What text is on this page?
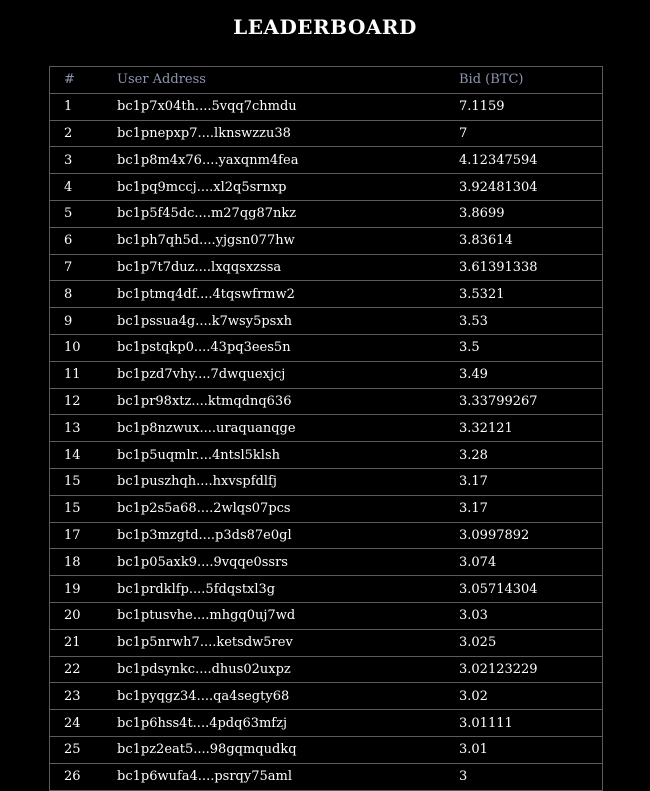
LEADERBOARD
#	User Address	Bid (BTC)
1	bc1p7x04th....5vqq7chmdu	7.1159
2	bc1pnepxp7....lknswzzu38	7
3	bc1p8m4x76....yaxqnm4fea	4.12347594
4	bc1pq9mccj....xl2q5srnxp	3.92481304
5	bc1p5f45dc....m27qg87nkz	3.8699
6	bc1ph7qh5d....yjgsn077hw	3.83614
7	bc1p7t7duz....lxqqsxzssa	3.61391338
8	bc1ptmq4df....4tqswfrmw2	3.5321
9	bc1pssua4g....k7wsy5psxh	3.53
10	bc1pstqkp0....43pq3ees5n	3.5
11	bc1pzd7vhy....7dwquexjcj	3.49
12	bc1pr98xtz....ktmqdnq636	3.33799267
13	bc1p8nzwux....uraquanqge	3.32121
14	bc1p5uqmlr....4ntsl5klsh	3.28
15	bc1puszhqh....hxvspfdlfj	3.17
15	bc1p2s5a68....2wlqs07pcs	3.17
17	bc1p3mzgtd....p3ds87e0gl	3.0997892
18	bc1p05axk9....9vqqe0ssrs	3.074
19	bc1prdklfp....5fdqstxl3g	3.05714304
20	bc1ptusvhe....mhgq0uj7wd	3.03
21	bc1p5nrwh7....ketsdw5rev	3.025
22	bc1pdsynkc....dhus02uxpz	3.02123229
23	bc1pyqgz34....qa4segty68	3.02
24	bc1p6hss4t....4pdq63mfzj	3.01111
25	bc1pz2eat5....98gqmqudkq	3.01
26	bc1p6wufa4....psrqy75aml	3
